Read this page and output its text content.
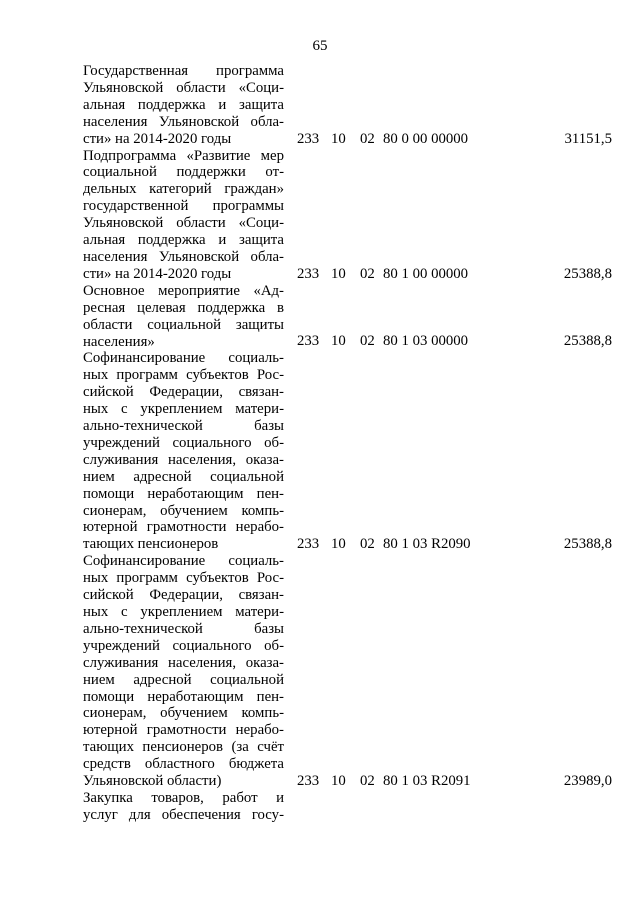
65
Государственная программа
Ульяновской области «Соци-
альная поддержка и защита
населения Ульяновской обла-
сти» на 2014-2020 годы	233 10 02 80 0 00 00000	31151,5
Подпрограмма «Развитие мер
социальной поддержки от-
дельных категорий граждан»
государственной программы
Ульяновской области «Соци-
альная поддержка и защита
населения Ульяновской обла-
сти» на 2014-2020 годы	233 10 02 80 1 00 00000	25388,8
Основное мероприятие «Ад-
ресная целевая поддержка в
области социальной защиты
населения»	233 10 02 80 1 03 00000	25388,8
Софинансирование социаль-
ных программ субъектов Рос-
сийской Федерации, связан-
ных с укреплением матери-
ально-технической базы
учреждений социального об-
служивания населения, оказа-
нием адресной социальной
помощи неработающим пен-
сионерам, обучением компь-
ютерной грамотности нерабо-
тающих пенсионеров	233 10 02 80 1 03 R2090	25388,8
Софинансирование социаль-
ных программ субъектов Рос-
сийской Федерации, связан-
ных с укреплением матери-
ально-технической базы
учреждений социального об-
служивания населения, оказа-
нием адресной социальной
помощи неработающим пен-
сионерам, обучением компь-
ютерной грамотности нерабо-
тающих пенсионеров (за счёт
средств областного бюджета
Ульяновской области)	233 10 02 80 1 03 R2091	23989,0
Закупка товаров, работ и
услуг для обеспечения госу-
